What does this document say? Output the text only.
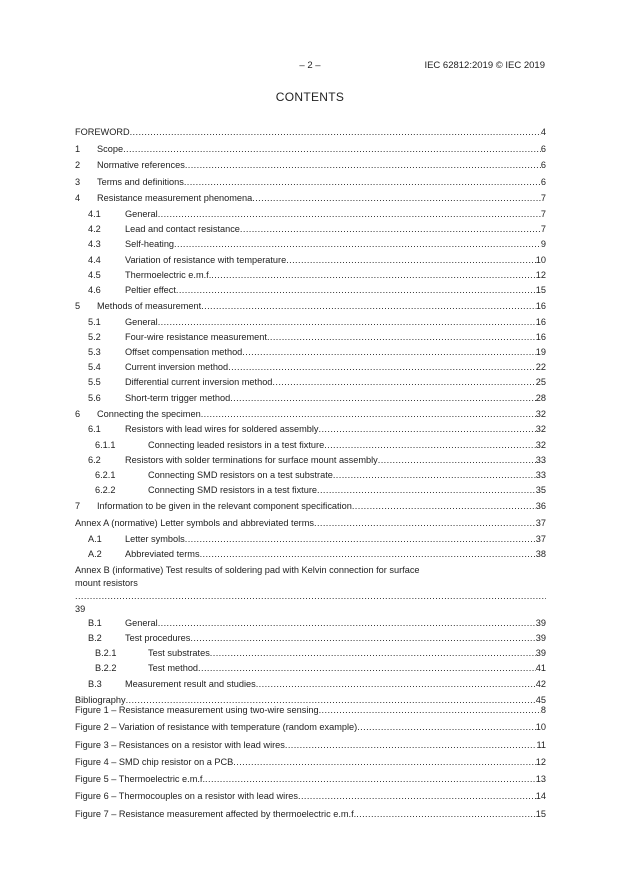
– 2 –	IEC 62812:2019 © IEC 2019
CONTENTS
FOREWORD .....	4
1	Scope .....	6
2	Normative references .....	6
3	Terms and definitions .....	6
4	Resistance measurement phenomena .....	7
4.1	General .....	7
4.2	Lead and contact resistance .....	7
4.3	Self-heating .....	9
4.4	Variation of resistance with temperature .....	10
4.5	Thermoelectric e.m.f. .....	12
4.6	Peltier effect .....	15
5	Methods of measurement .....	16
5.1	General .....	16
5.2	Four-wire resistance measurement .....	16
5.3	Offset compensation method .....	19
5.4	Current inversion method .....	22
5.5	Differential current inversion method .....	25
5.6	Short-term trigger method .....	28
6	Connecting the specimen .....	32
6.1	Resistors with lead wires for soldered assembly .....	32
6.1.1	Connecting leaded resistors in a test fixture .....	32
6.2	Resistors with solder terminations for surface mount assembly .....	33
6.2.1	Connecting SMD resistors on a test substrate .....	33
6.2.2	Connecting SMD resistors in a test fixture .....	35
7	Information to be given in the relevant component specification .....	36
Annex A (normative) Letter symbols and abbreviated terms .....	37
A.1	Letter symbols .....	37
A.2	Abbreviated terms .....	38
Annex B (informative) Test results of soldering pad with Kelvin connection for surface
mount resistors
.....
39
B.1	General .....	39
B.2	Test procedures .....	39
B.2.1	Test substrates .....	39
B.2.2	Test method .....	41
B.3	Measurement result and studies .....	42
Bibliography .....	45
Figure 1 – Resistance measurement using two-wire sensing .....	8
Figure 2 – Variation of resistance with temperature (random example) .....	10
Figure 3 – Resistances on a resistor with lead wires .....	11
Figure 4 – SMD chip resistor on a PCB .....	12
Figure 5 – Thermoelectric e.m.f. .....	13
Figure 6 – Thermocouples on a resistor with lead wires .....	14
Figure 7 – Resistance measurement affected by thermoelectric e.m.f. .....	15
